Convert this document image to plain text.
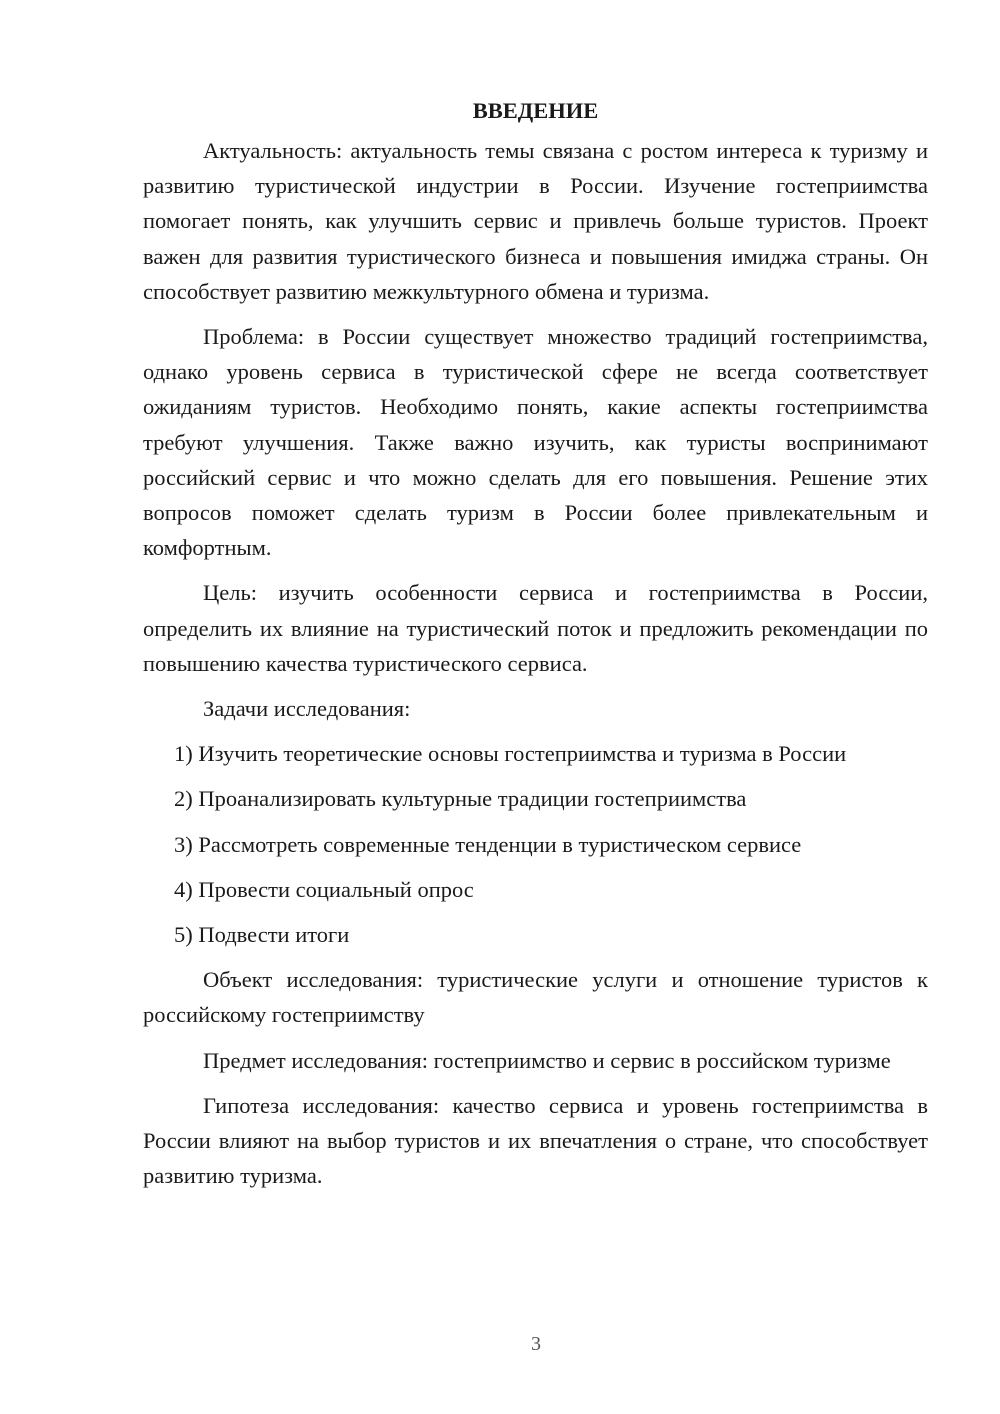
ВВЕДЕНИЕ

Актуальность: актуальность темы связана с ростом интереса к туризму и развитию туристической индустрии в России. Изучение гостеприимства помогает понять, как улучшить сервис и привлечь больше туристов. Проект важен для развития туристического бизнеса и повышения имиджа страны. Он способствует развитию межкультурного обмена и туризма.

Проблема: в России существует множество традиций гостеприимства, однако уровень сервиса в туристической сфере не всегда соответствует ожиданиям туристов. Необходимо понять, какие аспекты гостеприимства требуют улучшения. Также важно изучить, как туристы воспринимают российский сервис и что можно сделать для его повышения. Решение этих вопросов поможет сделать туризм в России более привлекательным и комфортным.

Цель: изучить особенности сервиса и гостеприимства в России, определить их влияние на туристический поток и предложить рекомендации по повышению качества туристического сервиса.

Задачи исследования:

1) Изучить теоретические основы гостеприимства и туризма в России
2) Проанализировать культурные традиции гостеприимства
3) Рассмотреть современные тенденции в туристическом сервисе
4) Провести социальный опрос
5) Подвести итоги

Объект исследования: туристические услуги и отношение туристов к российскому гостеприимству

Предмет исследования: гостеприимство и сервис в российском туризме

Гипотеза исследования: качество сервиса и уровень гостеприимства в России влияют на выбор туристов и их впечатления о стране, что способствует развитию туризма.

3
